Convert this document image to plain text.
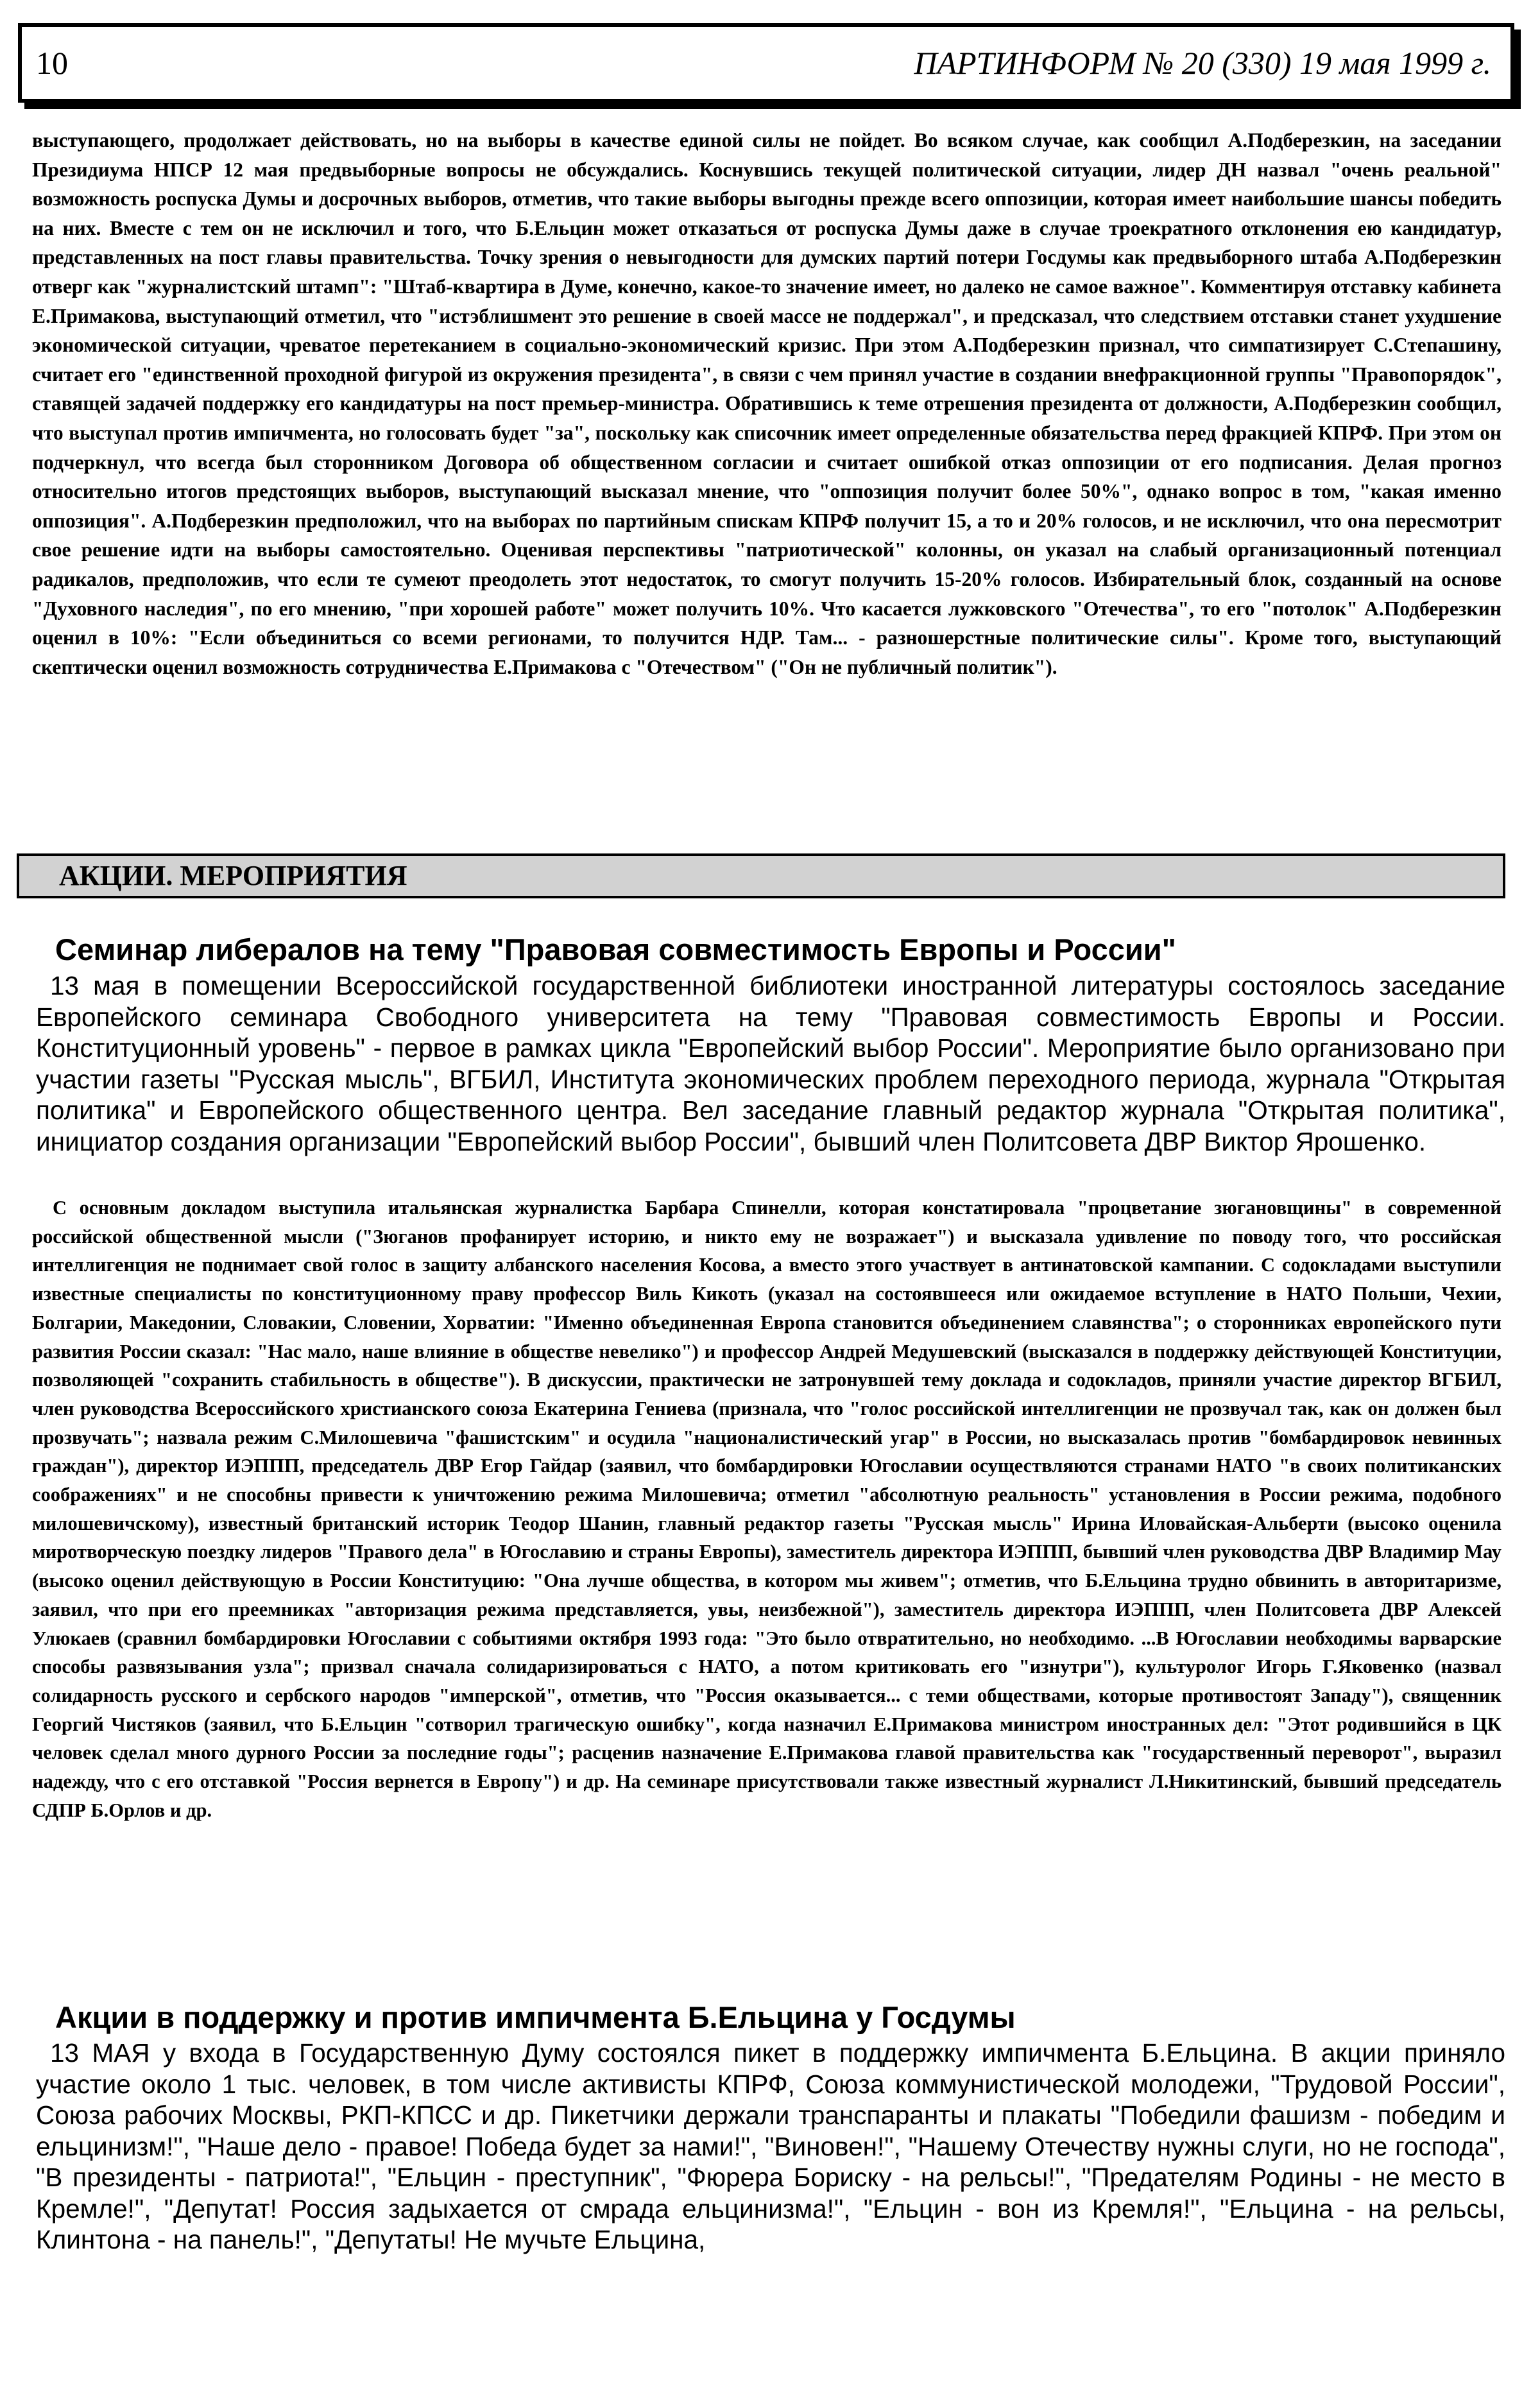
10	ПАРТИНФОРМ № 20 (330) 19 мая 1999 г.
выступающего, продолжает действовать, но на выборы в качестве единой силы не пойдет. Во всяком случае, как сообщил А.Подберезкин, на заседании Президиума НПСР 12 мая предвыборные вопросы не обсуждались. Коснувшись текущей политической ситуации, лидер ДН назвал "очень реальной" возможность роспуска Думы и досрочных выборов, отметив, что такие выборы выгодны прежде всего оппозиции, которая имеет наибольшие шансы победить на них. Вместе с тем он не исключил и того, что Б.Ельцин может отказаться от роспуска Думы даже в случае троекратного отклонения ею кандидатур, представленных на пост главы правительства. Точку зрения о невыгодности для думских партий потери Госдумы как предвыборного штаба А.Подберезкин отверг как "журналистский штамп": "Штаб-квартира в Думе, конечно, какое-то значение имеет, но далеко не самое важное". Комментируя отставку кабинета Е.Примакова, выступающий отметил, что "истэблишмент это решение в своей массе не поддержал", и предсказал, что следствием отставки станет ухудшение экономической ситуации, чреватое перетеканием в социально-экономический кризис. При этом А.Подберезкин признал, что симпатизирует С.Степашину, считает его "единственной проходной фигурой из окружения президента", в связи с чем принял участие в создании внефракционной группы "Правопорядок", ставящей задачей поддержку его кандидатуры на пост премьер-министра. Обратившись к теме отрешения президента от должности, А.Подберезкин сообщил, что выступал против импичмента, но голосовать будет "за", поскольку как списочник имеет определенные обязательства перед фракцией КПРФ. При этом он подчеркнул, что всегда был сторонником Договора об общественном согласии и считает ошибкой отказ оппозиции от его подписания. Делая прогноз относительно итогов предстоящих выборов, выступающий высказал мнение, что "оппозиция получит более 50%", однако вопрос в том, "какая именно оппозиция". А.Подберезкин предположил, что на выборах по партийным спискам КПРФ получит 15, а то и 20% голосов, и не исключил, что она пересмотрит свое решение идти на выборы самостоятельно. Оценивая перспективы "патриотической" колонны, он указал на слабый организационный потенциал радикалов, предположив, что если те сумеют преодолеть этот недостаток, то смогут получить 15-20% голосов. Избирательный блок, созданный на основе "Духовного наследия", по его мнению, "при хорошей работе" может получить 10%. Что касается лужковского "Отечества", то его "потолок" А.Подберезкин оценил в 10%: "Если объединиться со всеми регионами, то получится НДР. Там... - разношерстные политические силы". Кроме того, выступающий скептически оценил возможность сотрудничества Е.Примакова с "Отечеством" ("Он не публичный политик").
АКЦИИ. МЕРОПРИЯТИЯ
Семинар либералов на тему "Правовая совместимость Европы и России"
13 мая в помещении Всероссийской государственной библиотеки иностранной литературы состоялось заседание Европейского семинара Свободного университета на тему "Правовая совместимость Европы и России. Конституционный уровень" - первое в рамках цикла "Европейский выбор России". Мероприятие было организовано при участии газеты "Русская мысль", ВГБИЛ, Института экономических проблем переходного периода, журнала "Открытая политика" и Европейского общественного центра. Вел заседание главный редактор журнала "Открытая политика", инициатор создания организации "Европейский выбор России", бывший член Политсовета ДВР Виктор Ярошенко.
С основным докладом выступила итальянская журналистка Барбара Спинелли, которая констатировала "процветание зюгановщины" в современной российской общественной мысли ("Зюганов профанирует историю, и никто ему не возражает") и высказала удивление по поводу того, что российская интеллигенция не поднимает свой голос в защиту албанского населения Косова, а вместо этого участвует в антинатовской кампании. С содокладами выступили известные специалисты по конституционному праву профессор Виль Кикоть (указал на состоявшееся или ожидаемое вступление в НАТО Польши, Чехии, Болгарии, Македонии, Словакии, Словении, Хорватии: "Именно объединенная Европа становится объединением славянства"; о сторонниках европейского пути развития России сказал: "Нас мало, наше влияние в обществе невелико") и профессор Андрей Медушевский (высказался в поддержку действующей Конституции, позволяющей "сохранить стабильность в обществе"). В дискуссии, практически не затронувшей тему доклада и содокладов, приняли участие директор ВГБИЛ, член руководства Всероссийского христианского союза Екатерина Гениева (признала, что "голос российской интеллигенции не прозвучал так, как он должен был прозвучать"; назвала режим С.Милошевича "фашистским" и осудила "националистический угар" в России, но высказалась против "бомбардировок невинных граждан"), директор ИЭППП, председатель ДВР Егор Гайдар (заявил, что бомбардировки Югославии осуществляются странами НАТО "в своих политиканских соображениях" и не способны привести к уничтожению режима Милошевича; отметил "абсолютную реальность" установления в России режима, подобного милошевичскому), известный британский историк Теодор Шанин, главный редактор газеты "Русская мысль" Ирина Иловайская-Альберти (высоко оценила миротворческую поездку лидеров "Правого дела" в Югославию и страны Европы), заместитель директора ИЭППП, бывший член руководства ДВР Владимир Мау (высоко оценил действующую в России Конституцию: "Она лучше общества, в котором мы живем"; отметив, что Б.Ельцина трудно обвинить в авторитаризме, заявил, что при его преемниках "авторизация режима представляется, увы, неизбежной"), заместитель директора ИЭППП, член Политсовета ДВР Алексей Улюкаев (сравнил бомбардировки Югославии с событиями октября 1993 года: "Это было отвратительно, но необходимо. ...В Югославии необходимы варварские способы развязывания узла"; призвал сначала солидаризироваться с НАТО, а потом критиковать его "изнутри"), культуролог Игорь Г.Яковенко (назвал солидарность русского и сербского народов "имперской", отметив, что "Россия оказывается... с теми обществами, которые противостоят Западу"), священник Георгий Чистяков (заявил, что Б.Ельцин "сотворил трагическую ошибку", когда назначил Е.Примакова министром иностранных дел: "Этот родившийся в ЦК человек сделал много дурного России за последние годы"; расценив назначение Е.Примакова главой правительства как "государственный переворот", выразил надежду, что с его отставкой "Россия вернется в Европу") и др. На семинаре присутствовали также известный журналист Л.Никитинский, бывший председатель СДПР Б.Орлов и др.
Акции в поддержку и против импичмента Б.Ельцина у Госдумы
13 МАЯ у входа в Государственную Думу состоялся пикет в поддержку импичмента Б.Ельцина. В акции приняло участие около 1 тыс. человек, в том числе активисты КПРФ, Союза коммунистической молодежи, "Трудовой России", Союза рабочих Москвы, РКП-КПСС и др. Пикетчики держали транспаранты и плакаты "Победили фашизм - победим и ельцинизм!", "Наше дело - правое! Победа будет за нами!", "Виновен!", "Нашему Отечеству нужны слуги, но не господа", "В президенты - патриота!", "Ельцин - преступник", "Фюрера Бориску - на рельсы!", "Предателям Родины - не место в Кремле!", "Депутат! Россия задыхается от смрада ельцинизма!", "Ельцин - вон из Кремля!", "Ельцина - на рельсы, Клинтона - на панель!", "Депутаты! Не мучьте Ельцина,
